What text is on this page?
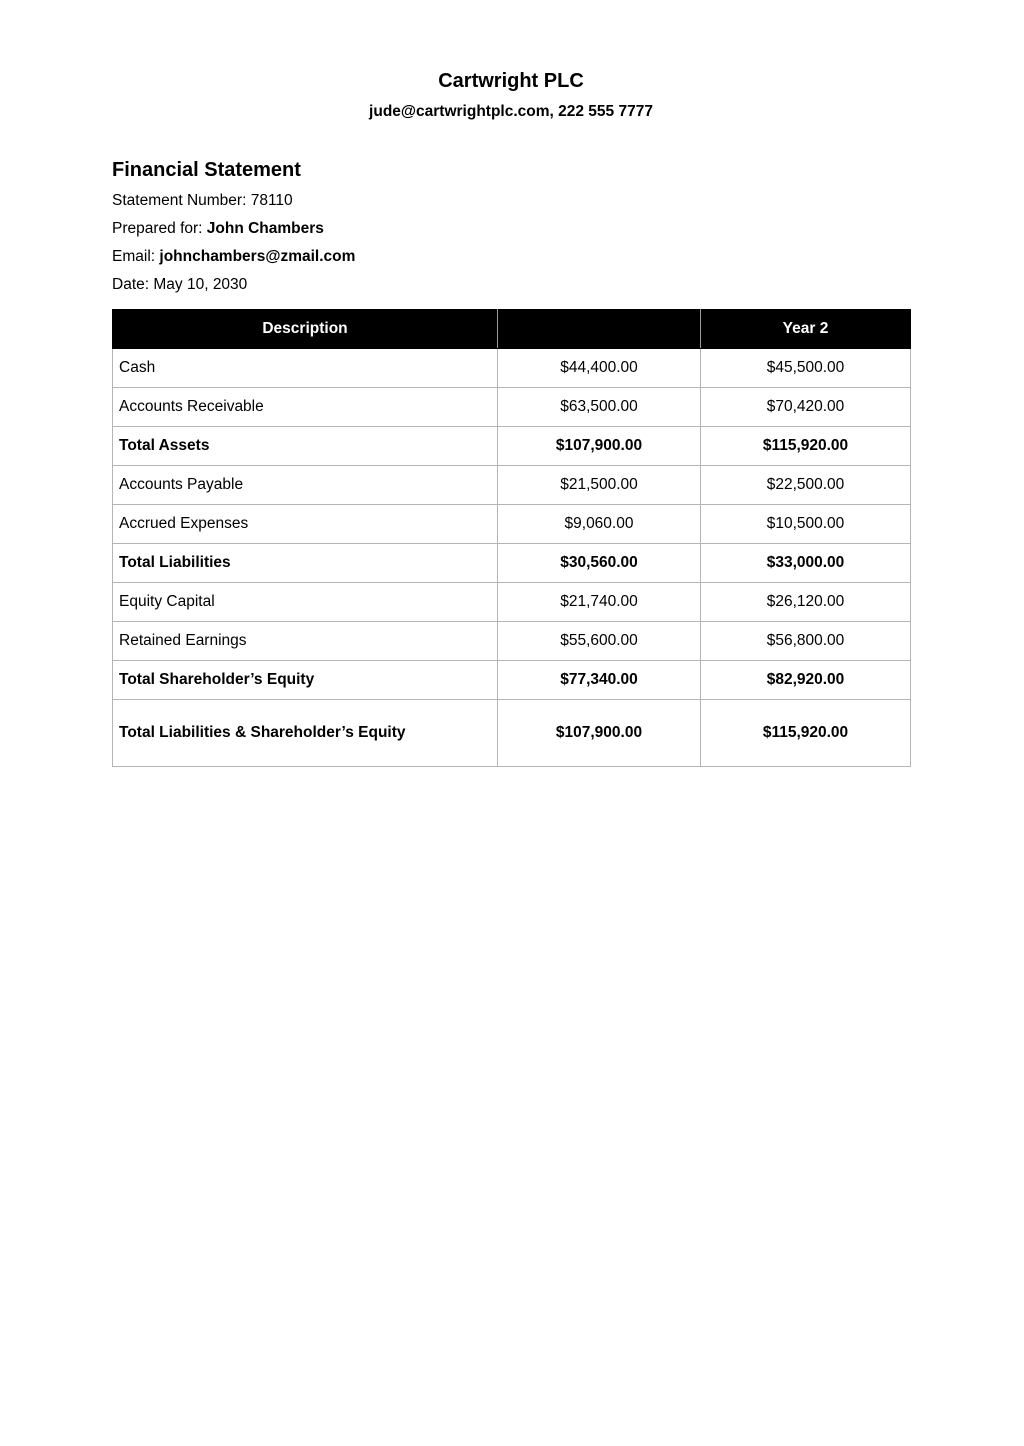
Cartwright PLC
jude@cartwrightplc.com, 222 555 7777
Financial Statement
Statement Number: 78110
Prepared for: John Chambers
Email: johnchambers@zmail.com
Date: May 10, 2030
Description		Year 2
Cash	$44,400.00	$45,500.00
Accounts Receivable	$63,500.00	$70,420.00
Total Assets	$107,900.00	$115,920.00
Accounts Payable	$21,500.00	$22,500.00
Accrued Expenses	$9,060.00	$10,500.00
Total Liabilities	$30,560.00	$33,000.00
Equity Capital	$21,740.00	$26,120.00
Retained Earnings	$55,600.00	$56,800.00
Total Shareholder’s Equity	$77,340.00	$82,920.00
Total Liabilities & Shareholder’s Equity	$107,900.00	$115,920.00
